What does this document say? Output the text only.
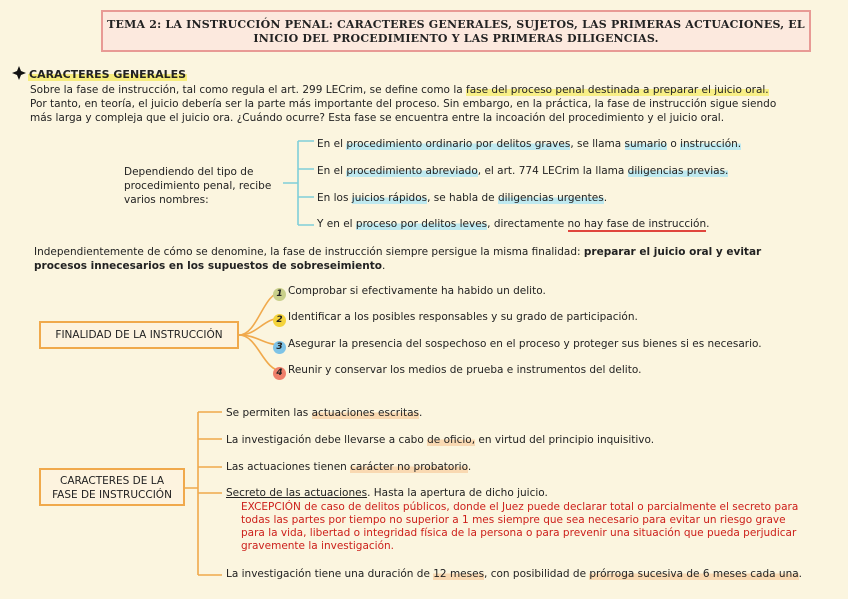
TEMA 2: LA INSTRUCCIÓN PENAL: CARACTERES GENERALES, SUJETOS, LAS PRIMERAS ACTUACIONES, EL
INICIO DEL PROCEDIMIENTO Y LAS PRIMERAS DILIGENCIAS.
CARACTERES GENERALES
Sobre la fase de instrucción, tal como regula el art. 299 LECrim, se define como la fase del proceso penal destinada a preparar el juicio oral.
Por tanto, en teoría, el juicio debería ser la parte más importante del proceso. Sin embargo, en la práctica, la fase de instrucción sigue siendo
más larga y compleja que el juicio ora. ¿Cuándo ocurre? Esta fase se encuentra entre la incoación del procedimiento y el juicio oral.
Dependiendo del tipo de
procedimiento penal, recibe
varios nombres:
En el procedimiento ordinario por delitos graves, se llama sumario o instrucción.
En el procedimiento abreviado, el art. 774 LECrim la llama diligencias previas.
En los juicios rápidos, se habla de diligencias urgentes.
Y en el proceso por delitos leves, directamente no hay fase de instrucción.
Independientemente de cómo se denomine, la fase de instrucción siempre persigue la misma finalidad: preparar el juicio oral y evitar
procesos innecesarios en los supuestos de sobreseimiento.
FINALIDAD DE LA INSTRUCCIÓN
1 Comprobar si efectivamente ha habido un delito.
2 Identificar a los posibles responsables y su grado de participación.
3 Asegurar la presencia del sospechoso en el proceso y proteger sus bienes si es necesario.
4 Reunir y conservar los medios de prueba e instrumentos del delito.
CARACTERES DE LA
FASE DE INSTRUCCIÓN
Se permiten las actuaciones escritas.
La investigación debe llevarse a cabo de oficio, en virtud del principio inquisitivo.
Las actuaciones tienen carácter no probatorio.
Secreto de las actuaciones. Hasta la apertura de dicho juicio.
EXCEPCIÓN de caso de delitos públicos, donde el Juez puede declarar total o parcialmente el secreto para
todas las partes por tiempo no superior a 1 mes siempre que sea necesario para evitar un riesgo grave
para la vida, libertad o integridad física de la persona o para prevenir una situación que pueda perjudicar
gravemente la investigación.
La investigación tiene una duración de 12 meses, con posibilidad de prórroga sucesiva de 6 meses cada una.
